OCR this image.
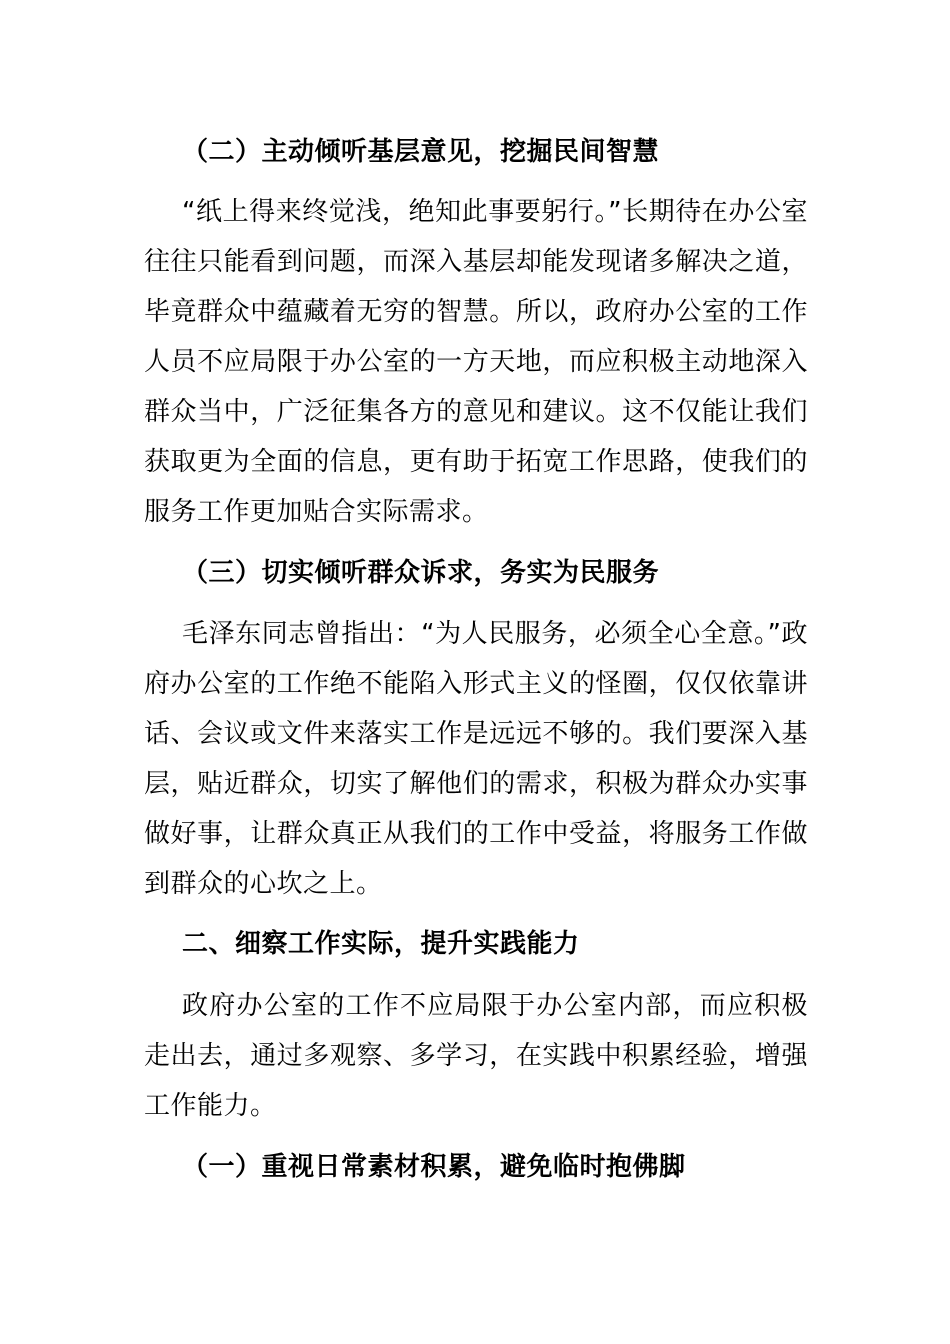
（二）主动倾听基层意见，挖掘民间智慧
“纸上得来终觉浅，绝知此事要躬行。”长期待在办公室往往只能看到问题，而深入基层却能发现诸多解决之道，毕竟群众中蕴藏着无穷的智慧。所以，政府办公室的工作人员不应局限于办公室的一方天地，而应积极主动地深入群众当中，广泛征集各方的意见和建议。这不仅能让我们获取更为全面的信息，更有助于拓宽工作思路，使我们的服务工作更加贴合实际需求。
（三）切实倾听群众诉求，务实为民服务
毛泽东同志曾指出：“为人民服务，必须全心全意。”政府办公室的工作绝不能陷入形式主义的怪圈，仅仅依靠讲话、会议或文件来落实工作是远远不够的。我们要深入基层，贴近群众，切实了解他们的需求，积极为群众办实事做好事，让群众真正从我们的工作中受益，将服务工作做到群众的心坎之上。
二、细察工作实际，提升实践能力
政府办公室的工作不应局限于办公室内部，而应积极走出去，通过多观察、多学习，在实践中积累经验，增强工作能力。
（一）重视日常素材积累，避免临时抱佛脚
